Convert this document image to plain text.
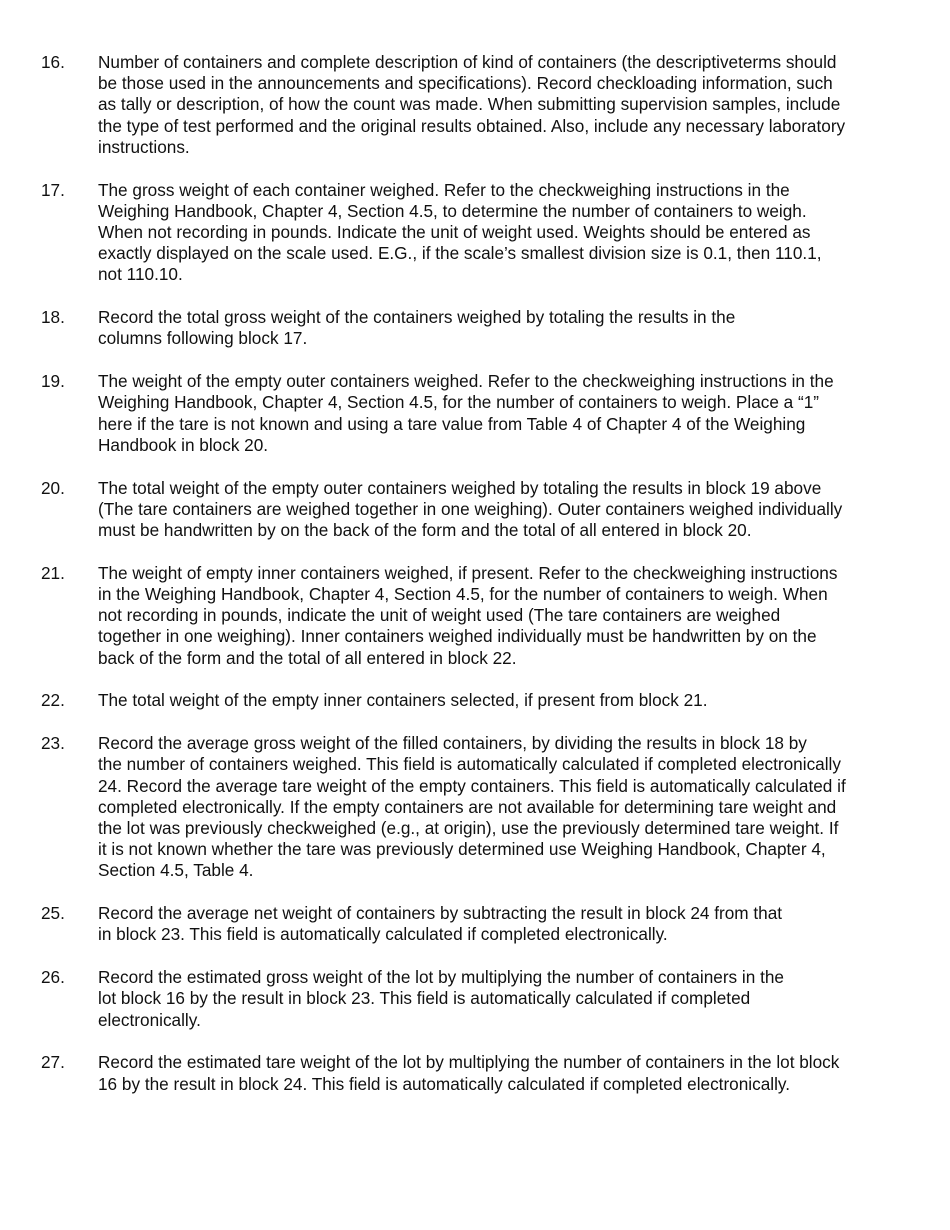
16.	Number of containers and complete description of kind of containers (the descriptiveterms should
be those used in the announcements and specifications). Record checkloading information, such
as tally or description, of how the count was made. When submitting supervision samples, include
the type of test performed and the original results obtained. Also, include any necessary laboratory
instructions.
17.	The gross weight of each container weighed. Refer to the checkweighing instructions in the
Weighing Handbook, Chapter 4, Section 4.5, to determine the number of containers to weigh.
When not recording in pounds. Indicate the unit of weight used. Weights should be entered as
exactly displayed on the scale used. E.G., if the scale’s smallest division size is 0.1, then 110.1,
not 110.10.
18.	Record the total gross weight of the containers weighed by totaling the results in the
columns following block 17.
19.	The weight of the empty outer containers weighed. Refer to the checkweighing instructions in the
Weighing Handbook, Chapter 4, Section 4.5, for the number of containers to weigh. Place a “1”
here if the tare is not known and using a tare value from Table 4 of Chapter 4 of the Weighing
Handbook in block 20.
20.	The total weight of the empty outer containers weighed by totaling the results in block 19 above
(The tare containers are weighed together in one weighing). Outer containers weighed individually
must be handwritten by on the back of the form and the total of all entered in block 20.
21.	The weight of empty inner containers weighed, if present. Refer to the checkweighing instructions
in the Weighing Handbook, Chapter 4, Section 4.5, for the number of containers to weigh. When
not recording in pounds, indicate the unit of weight used (The tare containers are weighed
together in one weighing). Inner containers weighed individually must be handwritten by on the
back of the form and the total of all entered in block 22.
22.	The total weight of the empty inner containers selected, if present from block 21.
23.	Record the average gross weight of the filled containers, by dividing the results in block 18 by
the number of containers weighed. This field is automatically calculated if completed electronically
24. Record the average tare weight of the empty containers. This field is automatically calculated if
completed electronically. If the empty containers are not available for determining tare weight and
the lot was previously checkweighed (e.g., at origin), use the previously determined tare weight. If
it is not known whether the tare was previously determined use Weighing Handbook, Chapter 4,
Section 4.5, Table 4.
25.	Record the average net weight of containers by subtracting the result in block 24 from that
in block 23. This field is automatically calculated if completed electronically.
26.	Record the estimated gross weight of the lot by multiplying the number of containers in the
lot block 16 by the result in block 23. This field is automatically calculated if completed
electronically.
27.	Record the estimated tare weight of the lot by multiplying the number of containers in the lot block
16 by the result in block 24. This field is automatically calculated if completed electronically.
